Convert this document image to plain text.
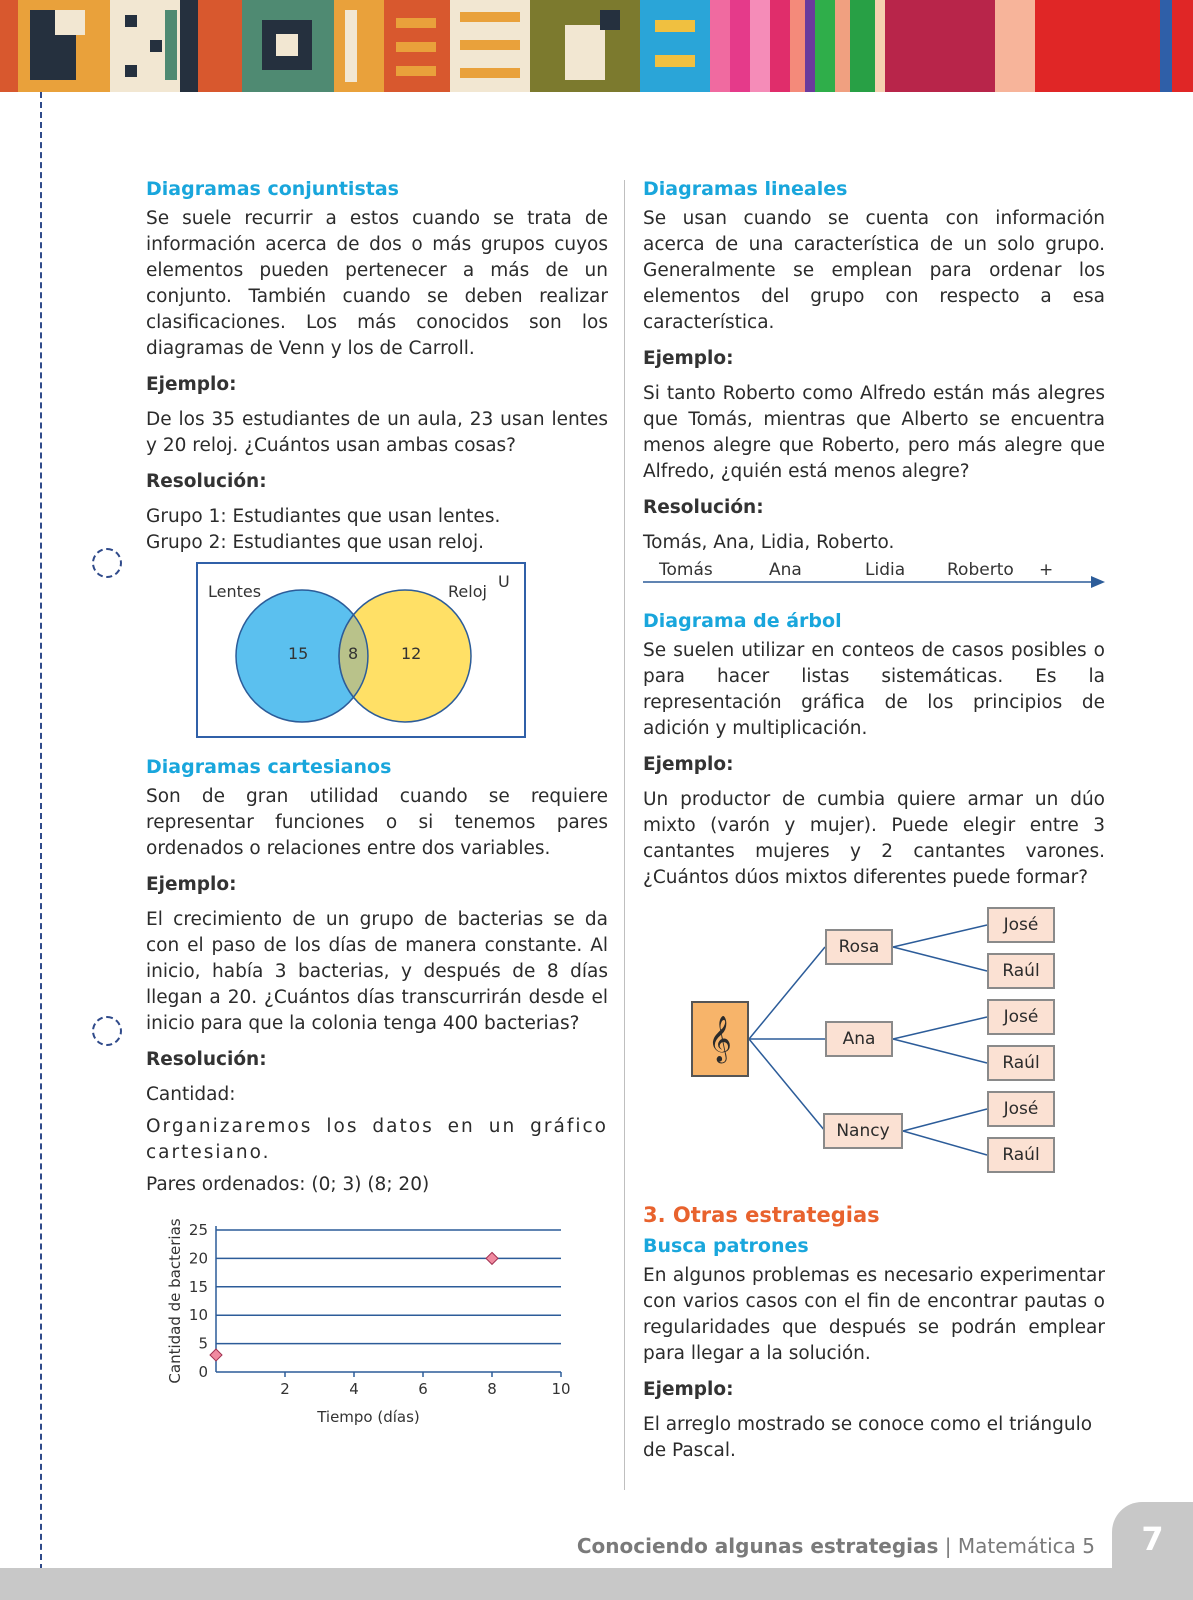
Diagramas conjuntistas
Se suele recurrir a estos cuando se trata de información acerca de dos o más grupos cuyos elementos pueden pertenecer a más de un conjunto. También cuando se deben realizar clasificaciones. Los más conocidos son los diagramas de Venn y los de Carroll.
Ejemplo:
De los 35 estudiantes de un aula, 23 usan lentes y 20 reloj. ¿Cuántos usan ambas cosas?
Resolución:
Grupo 1: Estudiantes que usan lentes.
Grupo 2: Estudiantes que usan reloj.
Lentes	Reloj
U
15 8	12
Diagramas cartesianos
Son de gran utilidad cuando se requiere representar funciones o si tenemos pares ordenados o relaciones entre dos variables.
Ejemplo:
El crecimiento de un grupo de bacterias se da con el paso de los días de manera constante. Al inicio, había 3 bacterias, y después de 8 días llegan a 20. ¿Cuántos días transcurrirán desde el inicio para que la colonia tenga 400 bacterias?
Resolución:
Cantidad:
Organizaremos los datos en un gráfico cartesiano.
Pares ordenados: (0; 3) (8; 20)
0
5
10
15
20
25
2	4	6	8	10
Tiempo (días)
Cantidad de bacterias
Diagramas lineales
Se usan cuando se cuenta con información acerca de una característica de un solo grupo. Generalmente se emplean para ordenar los elementos del grupo con respecto a esa característica.
Ejemplo:
Si tanto Roberto como Alfredo están más alegres que Tomás, mientras que Alberto se encuentra menos alegre que Roberto, pero más alegre que Alfredo, ¿quién está menos alegre?
Resolución:
Tomás, Ana, Lidia, Roberto.
Tomás	Ana	Lidia Roberto +
Diagrama de árbol
Se suelen utilizar en conteos de casos posibles o para hacer listas sistemáticas. Es la representación gráfica de los principios de adición y multiplicación.
Ejemplo:
Un productor de cumbia quiere armar un dúo mixto (varón y mujer). Puede elegir entre 3 cantantes mujeres y 2 cantantes varones. ¿Cuántos dúos mixtos diferentes puede formar?
𝄞
Rosa
Ana
Nancy
José
Raúl
José
Raúl
José
Raúl
3. Otras estrategias
Busca patrones
En algunos problemas es necesario experimentar con varios casos con el fin de encontrar pautas o regularidades que después se podrán emplear para llegar a la solución.
Ejemplo:
El arreglo mostrado se conoce como el triángulo de Pascal.
7
Conociendo algunas estrategias | Matemática 5
